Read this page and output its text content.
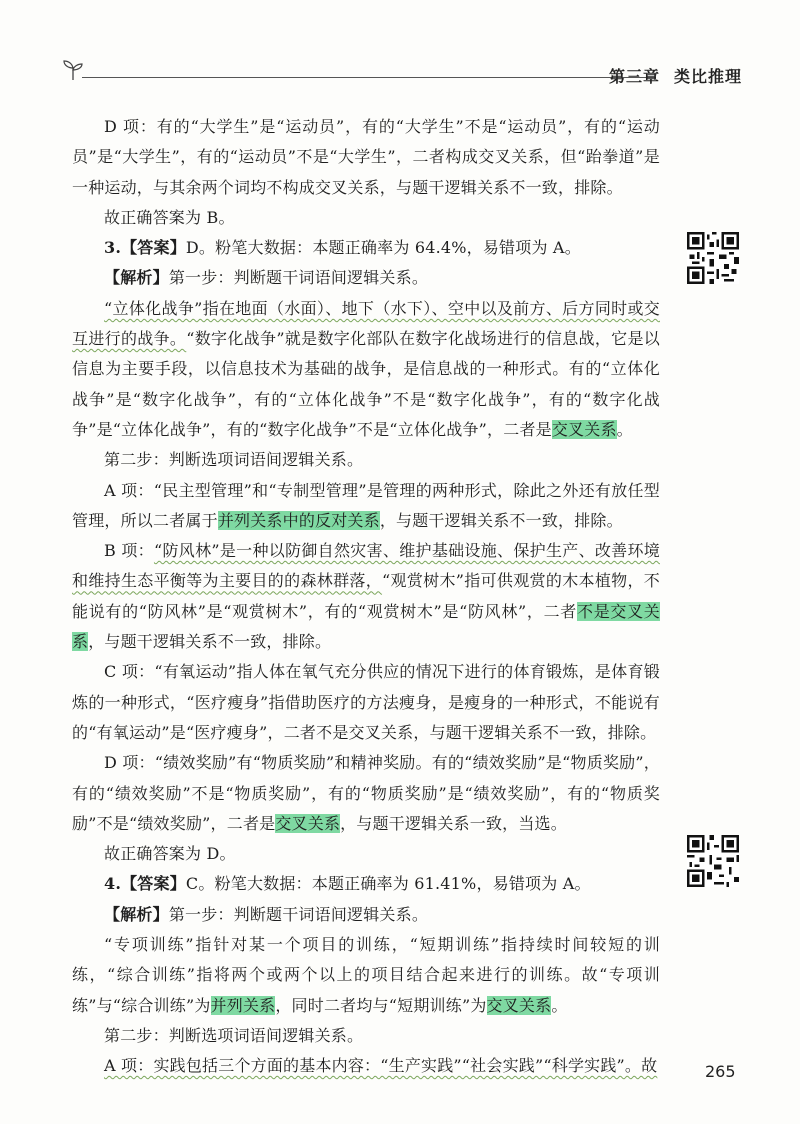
第三章 类比推理

D 项：有的“大学生”是“运动员”，有的“大学生”不是“运动员”，有的“运动员”是“大学生”，有的“运动员”不是“大学生”，二者构成交叉关系，但“跆拳道”是一种运动，与其余两个词均不构成交叉关系，与题干逻辑关系不一致，排除。

故正确答案为 B。

3.【答案】D。粉笔大数据：本题正确率为 64.4%，易错项为 A。

【解析】第一步：判断题干词语间逻辑关系。

“立体化战争”指在地面（水面）、地下（水下）、空中以及前方、后方同时或交互进行的战争。“数字化战争”就是数字化部队在数字化战场进行的信息战，它是以信息为主要手段，以信息技术为基础的战争，是信息战的一种形式。有的“立体化战争”是“数字化战争”，有的“立体化战争”不是“数字化战争”，有的“数字化战争”是“立体化战争”，有的“数字化战争”不是“立体化战争”，二者是交叉关系。

第二步：判断选项词语间逻辑关系。

A 项：“民主型管理”和“专制型管理”是管理的两种形式，除此之外还有放任型管理，所以二者属于并列关系中的反对关系，与题干逻辑关系不一致，排除。

B 项：“防风林”是一种以防御自然灾害、维护基础设施、保护生产、改善环境和维持生态平衡等为主要目的的森林群落，“观赏树木”指可供观赏的木本植物，不能说有的“防风林”是“观赏树木”，有的“观赏树木”是“防风林”，二者不是交叉关系，与题干逻辑关系不一致，排除。

C 项：“有氧运动”指人体在氧气充分供应的情况下进行的体育锻炼，是体育锻炼的一种形式，“医疗瘦身”指借助医疗的方法瘦身，是瘦身的一种形式，不能说有的“有氧运动”是“医疗瘦身”，二者不是交叉关系，与题干逻辑关系不一致，排除。

D 项：“绩效奖励”有“物质奖励”和精神奖励。有的“绩效奖励”是“物质奖励”，有的“绩效奖励”不是“物质奖励”，有的“物质奖励”是“绩效奖励”，有的“物质奖励”不是“绩效奖励”，二者是交叉关系，与题干逻辑关系一致，当选。

故正确答案为 D。

4.【答案】C。粉笔大数据：本题正确率为 61.41%，易错项为 A。

【解析】第一步：判断题干词语间逻辑关系。

“专项训练”指针对某一个项目的训练，“短期训练”指持续时间较短的训练，“综合训练”指将两个或两个以上的项目结合起来进行的训练。故“专项训练”与“综合训练”为并列关系，同时二者均与“短期训练”为交叉关系。

第二步：判断选项词语间逻辑关系。

A 项：实践包括三个方面的基本内容：“生产实践”“社会实践”“科学实践”。故	265
